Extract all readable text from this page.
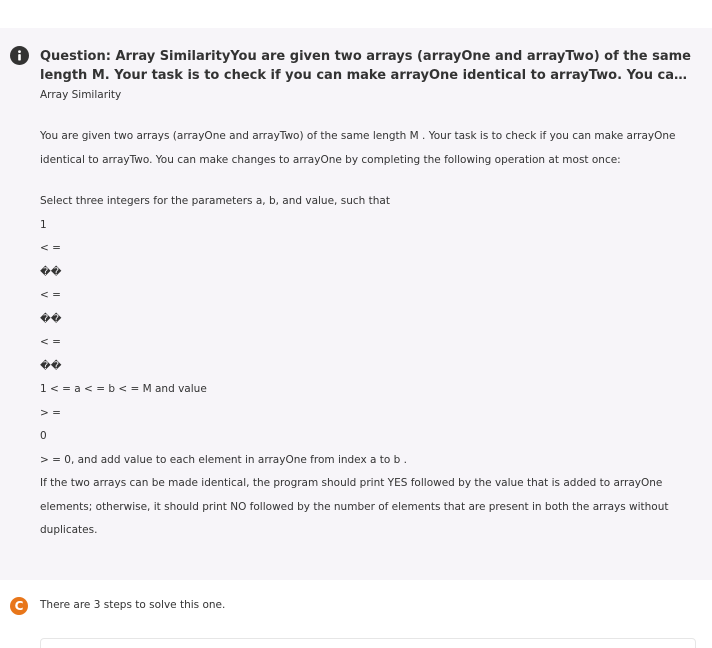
Question: Array SimilarityYou are given two arrays (arrayOne and arrayTwo) of the same length M. Your task is to check if you can make arrayOne identical to arrayTwo. You can
Array Similarity
You are given two arrays (arrayOne and arrayTwo) of the same length M . Your task is to check if you can make arrayOne identical to arrayTwo. You can make changes to arrayOne by completing the following operation at most once:
Select three integers for the parameters a, b, and value, such that
1
< =
��
< =
��
< =
��
1 < = a < = b < = M and value
> =
0
> = 0, and add value to each element in arrayOne from index a to b .
If the two arrays can be made identical, the program should print YES followed by the value that is added to arrayOne elements; otherwise, it should print NO followed by the number of elements that are present in both the arrays without duplicates.
C	There are 3 steps to solve this one.
